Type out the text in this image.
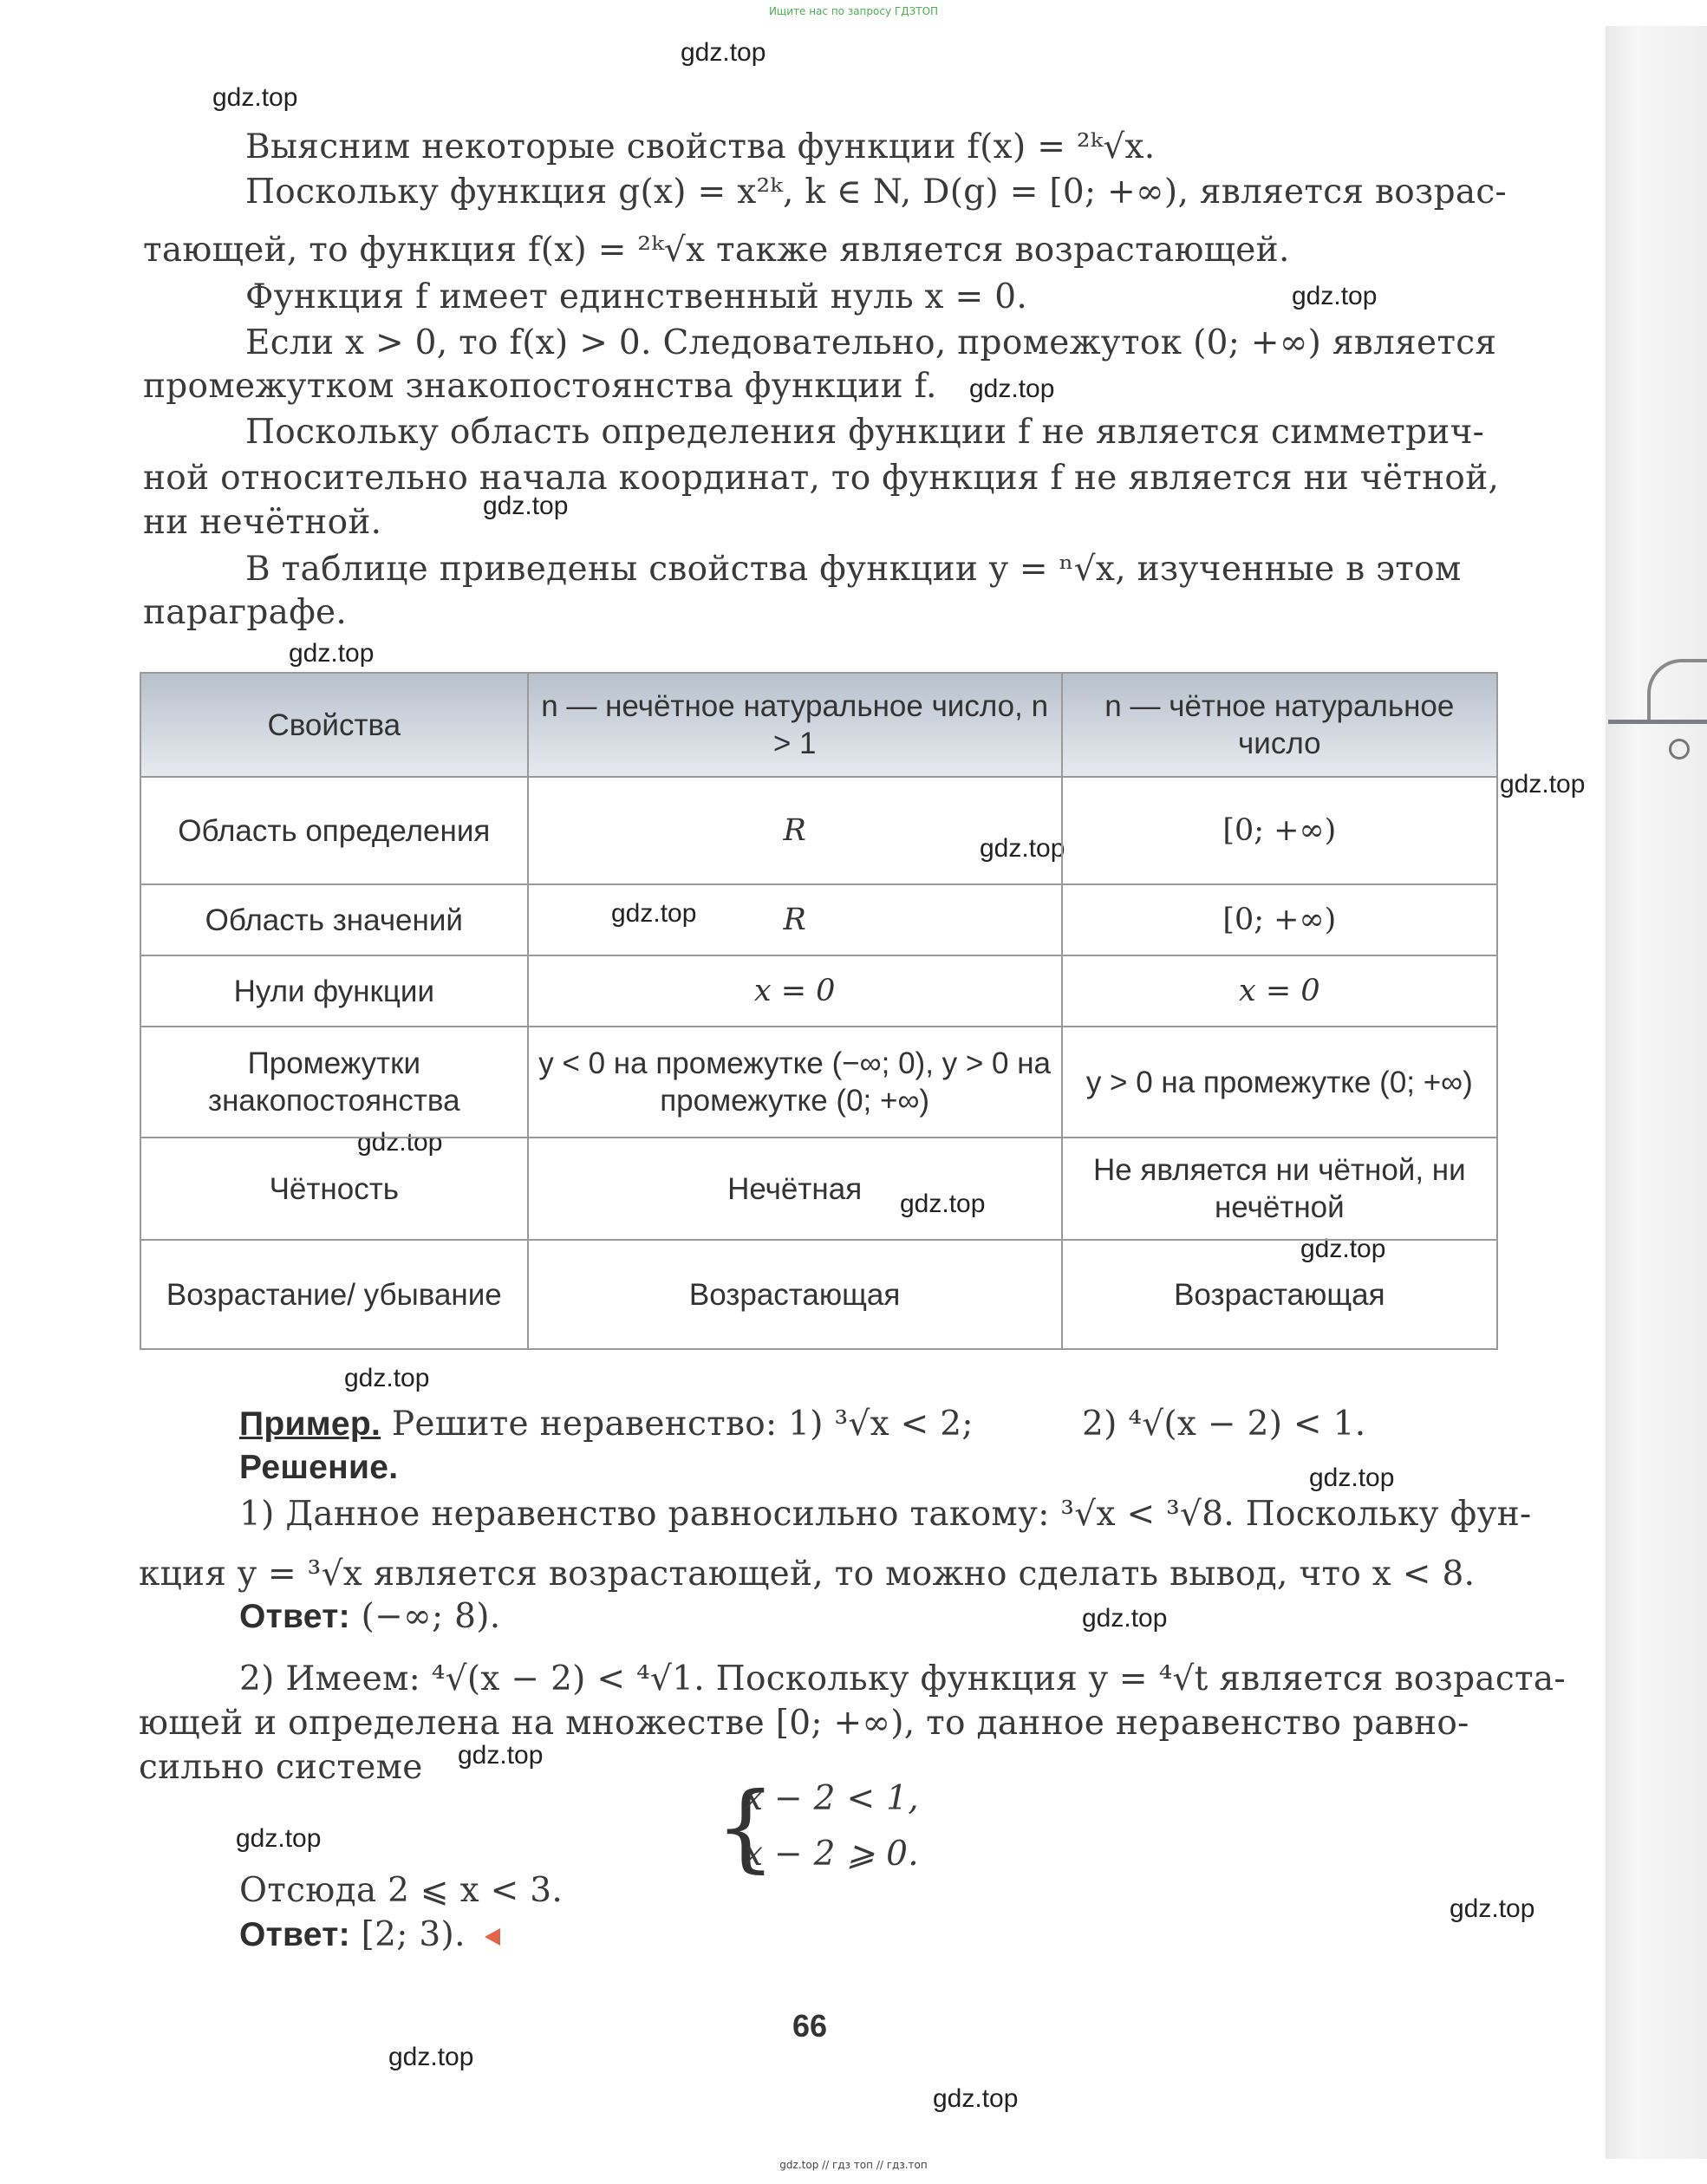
Ищите нас по запросу ГДЗТОП
gdz.top
gdz.top
gdz.top
gdz.top
gdz.top
gdz.top
gdz.top
gdz.top
gdz.top
gdz.top
gdz.top
gdz.top
gdz.top
gdz.top
gdz.top
gdz.top
gdz.top
gdz.top
gdz.top
gdz.top
Выясним некоторые свойства функции f(x) = ²ᵏ√x.
Поскольку функция g(x) = x²ᵏ, k ∈ N, D(g) = [0; +∞), является возрас-
тающей, то функция f(x) = ²ᵏ√x также является возрастающей.
Функция f имеет единственный нуль x = 0.
Если x > 0, то f(x) > 0. Следовательно, промежуток (0; +∞) является
промежутком знакопостоянства функции f.
Поскольку область определения функции f не является симметрич-
ной относительно начала координат, то функция f не является ни чётной,
ни нечётной.
В таблице приведены свойства функции y = ⁿ√x, изученные в этом
параграфе.
Свойства	n — нечётное натуральное число, n > 1	n — чётное натуральное число
Область определения	R	[0; +∞)
Область значений	R	[0; +∞)
Нули функции	x = 0	x = 0
Промежутки знакопостоянства	y < 0 на промежутке (−∞; 0), y > 0 на промежутке (0; +∞)	y > 0 на промежутке (0; +∞)
Чётность	Нечётная	Не является ни чётной, ни нечётной
Возрастание/ убывание	Возрастающая	Возрастающая
Пример. Решите неравенство: 1) ³√x < 2;	2) ⁴√(x − 2) < 1.
Решение.
1) Данное неравенство равносильно такому: ³√x < ³√8. Поскольку фун-
кция y = ³√x является возрастающей, то можно сделать вывод, что x < 8.
Ответ: (−∞; 8).
2) Имеем: ⁴√(x − 2) < ⁴√1. Поскольку функция y = ⁴√t является возраста-
ющей и определена на множестве [0; +∞), то данное неравенство равно-
сильно системе
{
x − 2 < 1,
x − 2 ⩾ 0.
Отсюда 2 ⩽ x < 3.
Ответ: [2; 3).
66
gdz.top // гдз топ // гдз.топ
